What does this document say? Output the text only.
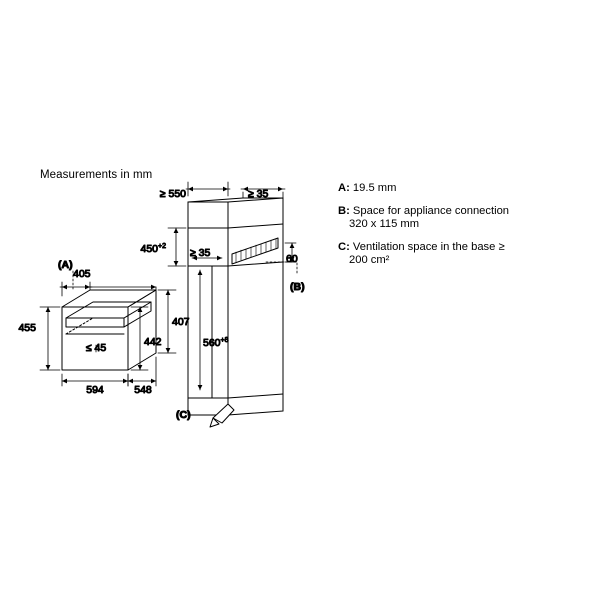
Measurements in mm
A: 19.5 mm
B: Space for appliance connection
320 x 115 mm
C: Ventilation space in the base ≥
200 cm²
405
455
(A)
≤ 45
594	548
407
442
≥ 550	≥ 35
$450^{+2}$
≥ 35	60
(B)
$560^{+8}$
(C)
